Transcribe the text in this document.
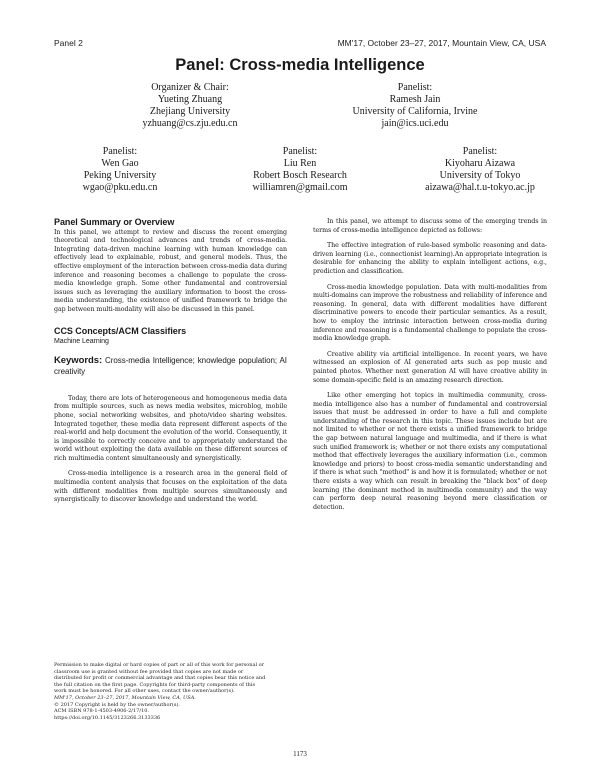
Panel 2	MM'17, October 23–27, 2017, Mountain View, CA, USA
Panel: Cross-media Intelligence
Organizer & Chair:
Yueting Zhuang
Zhejiang University
yzhuang@cs.zju.edu.cn
Panelist:
Ramesh Jain
University of California, Irvine
jain@ics.uci.edu
Panelist:
Wen Gao
Peking University
wgao@pku.edu.cn
Panelist:
Liu Ren
Robert Bosch Research
williamren@gmail.com
Panelist:
Kiyoharu Aizawa
University of Tokyo
aizawa@hal.t.u-tokyo.ac.jp
Panel Summary or Overview

In this panel, we attempt to review and discuss the recent emerging theoretical and technological advances and trends of cross-media. Integrating data-driven machine learning with human knowledge can effectively lead to explainable, robust, and general models. Thus, the effective employment of the interaction between cross-media data during inference and reasoning becomes a challenge to populate the cross-media knowledge graph. Some other fundamental and controversial issues such as leveraging the auxiliary information to boost the cross-media understanding, the existence of unified framework to bridge the gap between multi-modality will also be discussed in this panel.

CCS Concepts/ACM Classifiers
Machine Learning
Keywords: Cross-media Intelligence; knowledge population; AI creativity

Today, there are lots of heterogeneous and homogeneous media data from multiple sources, such as news media websites, microblog, mobile phone, social networking websites, and photo/video sharing websites. Integrated together, these media data represent different aspects of the real-world and help document the evolution of the world. Consequently, it is impossible to correctly conceive and to appropriately understand the world without exploiting the data available on these different sources of rich multimedia content simultaneously and synergistically.

Cross-media intelligence is a research area in the general field of multimedia content analysis that focuses on the exploitation of the data with different modalities from multiple sources simultaneously and synergistically to discover knowledge and understand the world.

Permission to make digital or hard copies of part or all of this work for personal or
classroom use is granted without fee provided that copies are not made or
distributed for profit or commercial advantage and that copies bear this notice and
the full citation on the first page. Copyrights for third-party components of this
work must be honored. For all other uses, contact the owner/author(s).
MM'17, October 23–27, 2017, Mountain View, CA, USA.
© 2017 Copyright is held by the owner/author(s).
ACM ISBN 978-1-4503-4906-2/17/10.
https://doi.org/10.1145/3123266.3133336

In this panel, we attempt to discuss some of the emerging trends in terms of cross-media intelligence depicted as follows:

The effective integration of rule-based symbolic reasoning and data-driven learning (i.e., connectionist learning).An appropriate integration is desirable for enhancing the ability to explain intelligent actions, e.g., prediction and classification.

Cross-media knowledge population. Data with multi-modalities from multi-domains can improve the robustness and reliability of inference and reasoning. In general, data with different modalities have different discriminative powers to encode their particular semantics. As a result, how to employ the intrinsic interaction between cross-media during inference and reasoning is a fundamental challenge to populate the cross-media knowledge graph.

Creative ability via artificial intelligence. In recent years, we have witnessed an explosion of AI generated arts such as pop music and painted photos. Whether next generation AI will have creative ability in some domain-specific field is an amazing research direction.

Like other emerging hot topics in multimedia community, cross-media intelligence also has a number of fundamental and controversial issues that must be addressed in order to have a full and complete understanding of the research in this topic. These issues include but are not limited to whether or not there exists a unified framework to bridge the gap between natural language and multimedia, and if there is what such unified framework is; whether or not there exists any computational method that effectively leverages the auxiliary information (i.e., common knowledge and priors) to boost cross-media semantic understanding and if there is what such "method" is and how it is formulated; whether or not there exists a way which can result in breaking the "black box" of deep learning (the dominant method in multimedia community) and the way can perform deep neural reasoning beyond mere classification or detection.

1173
